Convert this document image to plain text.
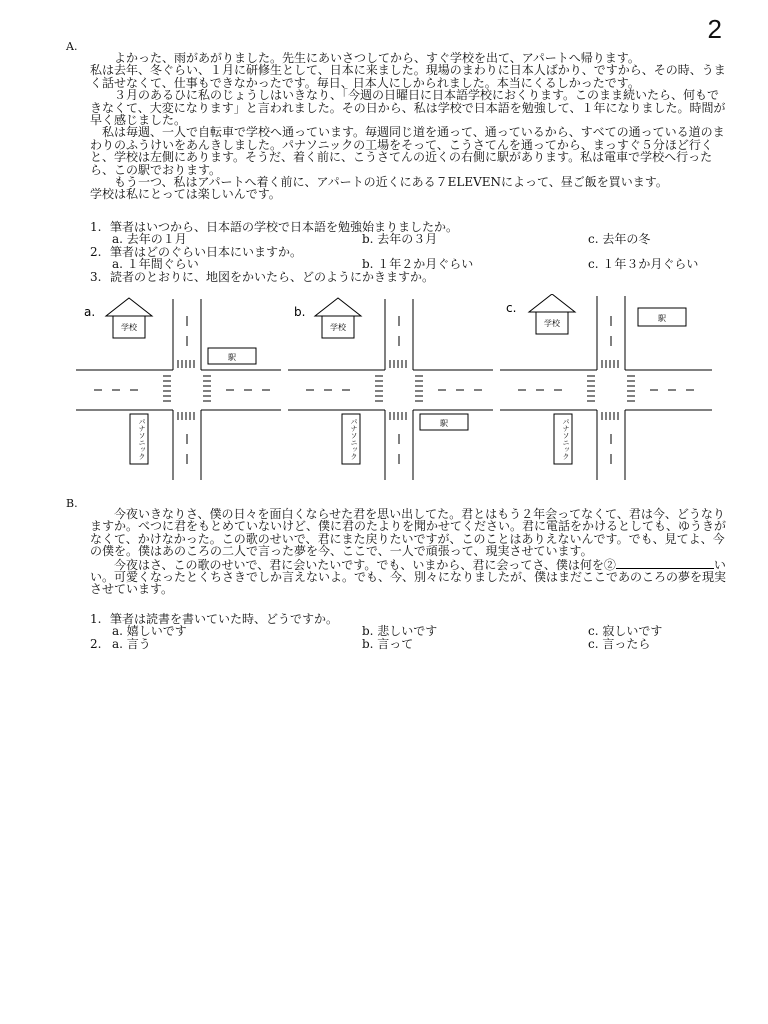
2
A.

よかった、雨があがりました。先生にあいさつしてから、すぐ学校を出て、アパートへ帰ります。

私は去年、冬ぐらい、１月に研修生として、日本に来ました。現場のまわりに日本人ばかり、ですから、その時、うまく話せなくて、仕事もできなかったです。毎日、日本人にしかられました。本当にくるしかったです。

３月のあるひに私のじょうしはいきなり、「今週の日曜日に日本語学校におくります。このまま続いたら、何もできなくて、大変になります」と言われました。その日から、私は学校で日本語を勉強して、１年になりました。時間が早く感じました。

私は毎週、一人で自転車で学校へ通っています。毎週同じ道を通って、通っているから、すべての通っている道のまわりのふうけいをあんきしました。パナソニックの工場をそって、こうさてんを通ってから、まっすぐ５分ほど行くと、学校は左側にあります。そうだ、着く前に、こうさてんの近くの右側に駅があります。私は電車で学校へ行ったら、この駅でおります。

もう一つ、私はアパートへ着く前に、アパートの近くにある７ELEVENによって、昼ご飯を買います。

学校は私にとっては楽しいんです。

1. 筆者はいつから、日本語の学校で日本語を勉強始まりましたか。
a. 去年の１月	b. 去年の３月	c. 去年の冬
2. 筆者はどのぐらい日本にいますか。
a. １年間ぐらい	b. １年２か月ぐらい	c. １年３か月ぐらい
3. 読者のとおりに、地図をかいたら、どのようにかきますか。
a.
学校
駅
パナソニック
b.
学校
駅
パナソニック
c.
学校
駅
パナソニック
B.

今夜いきなりさ、僕の日々を面白くならせた君を思い出してた。君とはもう２年会ってなくて、君は今、どうなりますか。べつに君をもとめていないけど、僕に君のたよりを聞かせてください。君に電話をかけるとしても、ゆうきがなくて、かけなかった。この歌のせいで、君にまた戻りたいですが、このことはありえないんです。でも、見てよ、今の僕を。僕はあのころの二人で言った夢を今、ここで、一人で頑張って、現実させています。

今夜はさ、この歌のせいで、君に会いたいです。でも、いまから、君に会ってさ、僕は何を②	いい。可愛くなったとくちさきでしか言えないよ。でも、今、別々になりましたが、僕はまだここであのころの夢を現実させています。

1. 筆者は読書を書いていた時、どうですか。
a. 嬉しいです	b. 悲しいです	c. 寂しいです
2. a. 言う	b. 言って	c. 言ったら
